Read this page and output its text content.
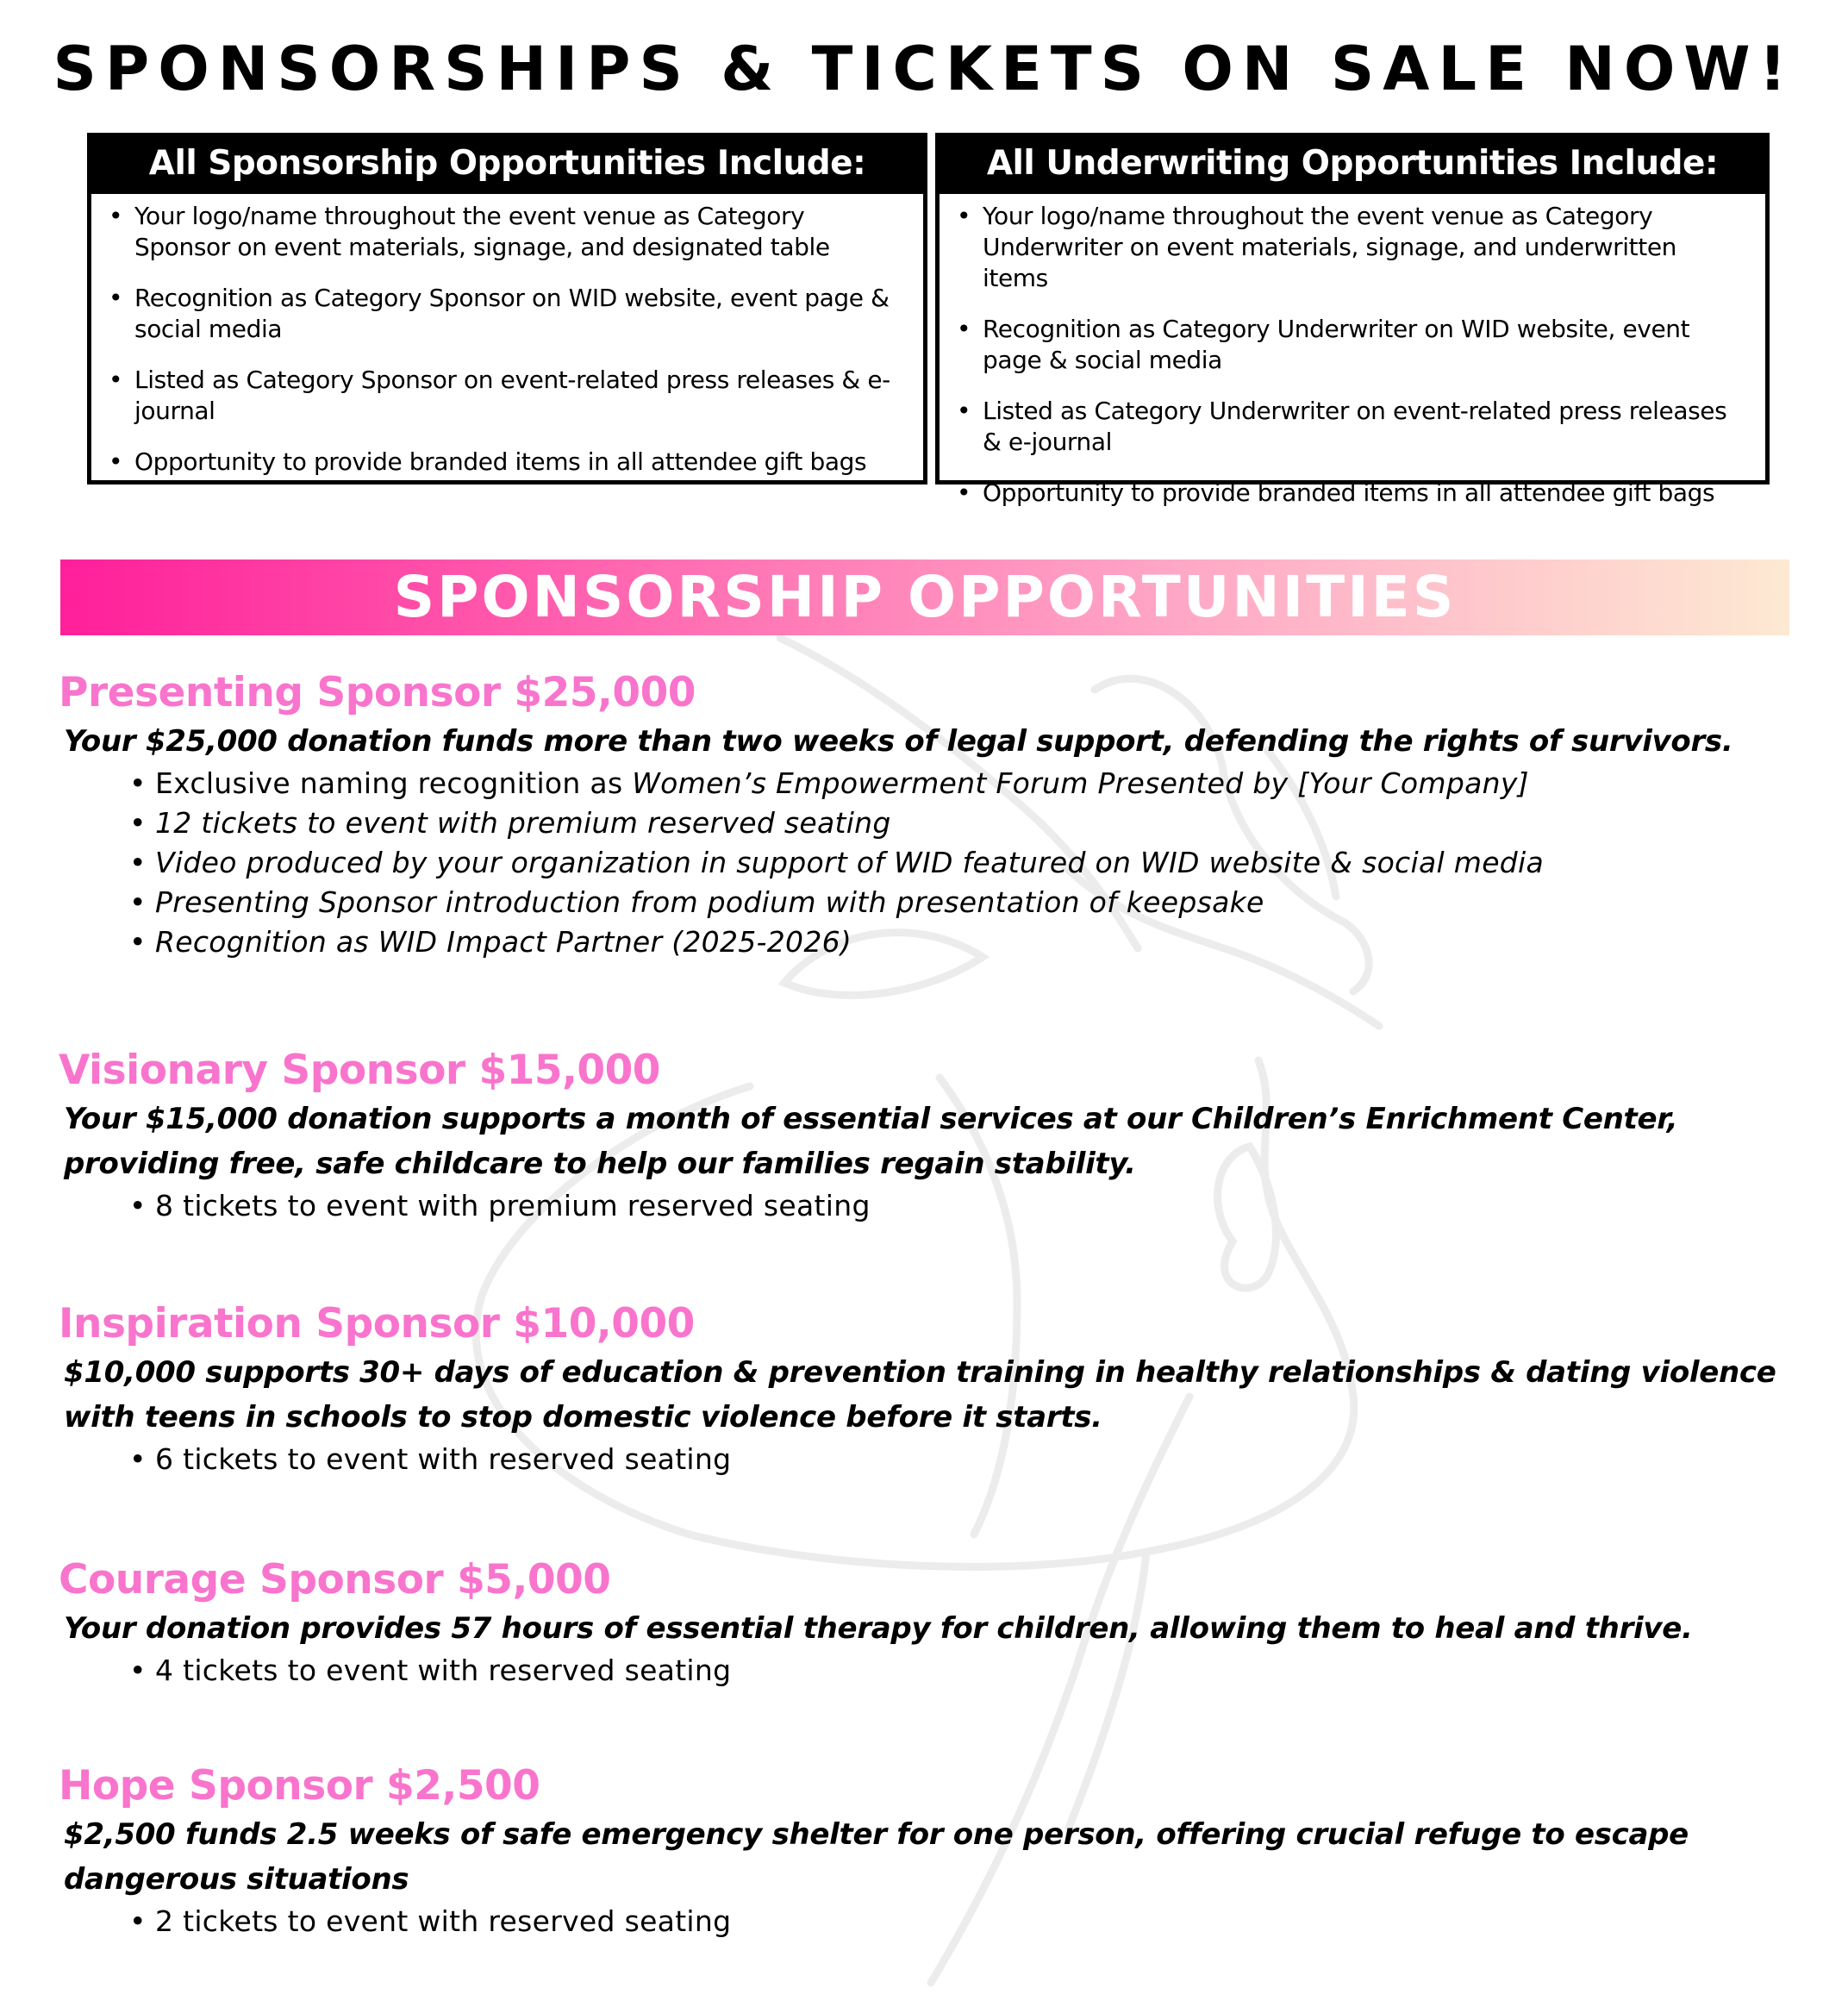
SPONSORSHIPS & TICKETS ON SALE NOW!
All Sponsorship Opportunities Include:
• Your logo/name throughout the event venue as Category Sponsor on event materials, signage, and designated table
• Recognition as Category Sponsor on WID website, event page & social media
• Listed as Category Sponsor on event-related press releases & e-journal
• Opportunity to provide branded items in all attendee gift bags
All Underwriting Opportunities Include:
• Your logo/name throughout the event venue as Category Underwriter on event materials, signage, and underwritten items
• Recognition as Category Underwriter on WID website, event page & social media
• Listed as Category Underwriter on event-related press releases & e-journal
• Opportunity to provide branded items in all attendee gift bags
SPONSORSHIP OPPORTUNITIES
Presenting Sponsor $25,000
Your $25,000 donation funds more than two weeks of legal support, defending the rights of survivors.
• Exclusive naming recognition as Women’s Empowerment Forum Presented by [Your Company]
• 12 tickets to event with premium reserved seating
• Video produced by your organization in support of WID featured on WID website & social media
• Presenting Sponsor introduction from podium with presentation of keepsake
• Recognition as WID Impact Partner (2025-2026)
Visionary Sponsor $15,000
Your $15,000 donation supports a month of essential services at our Children’s Enrichment Center, providing free, safe childcare to help our families regain stability.
• 8 tickets to event with premium reserved seating
Inspiration Sponsor $10,000
$10,000 supports 30+ days of education & prevention training in healthy relationships & dating violence with teens in schools to stop domestic violence before it starts.
• 6 tickets to event with reserved seating
Courage Sponsor $5,000
Your donation provides 57 hours of essential therapy for children, allowing them to heal and thrive.
• 4 tickets to event with reserved seating
Hope Sponsor $2,500
$2,500 funds 2.5 weeks of safe emergency shelter for one person, offering crucial refuge to escape dangerous situations
• 2 tickets to event with reserved seating
